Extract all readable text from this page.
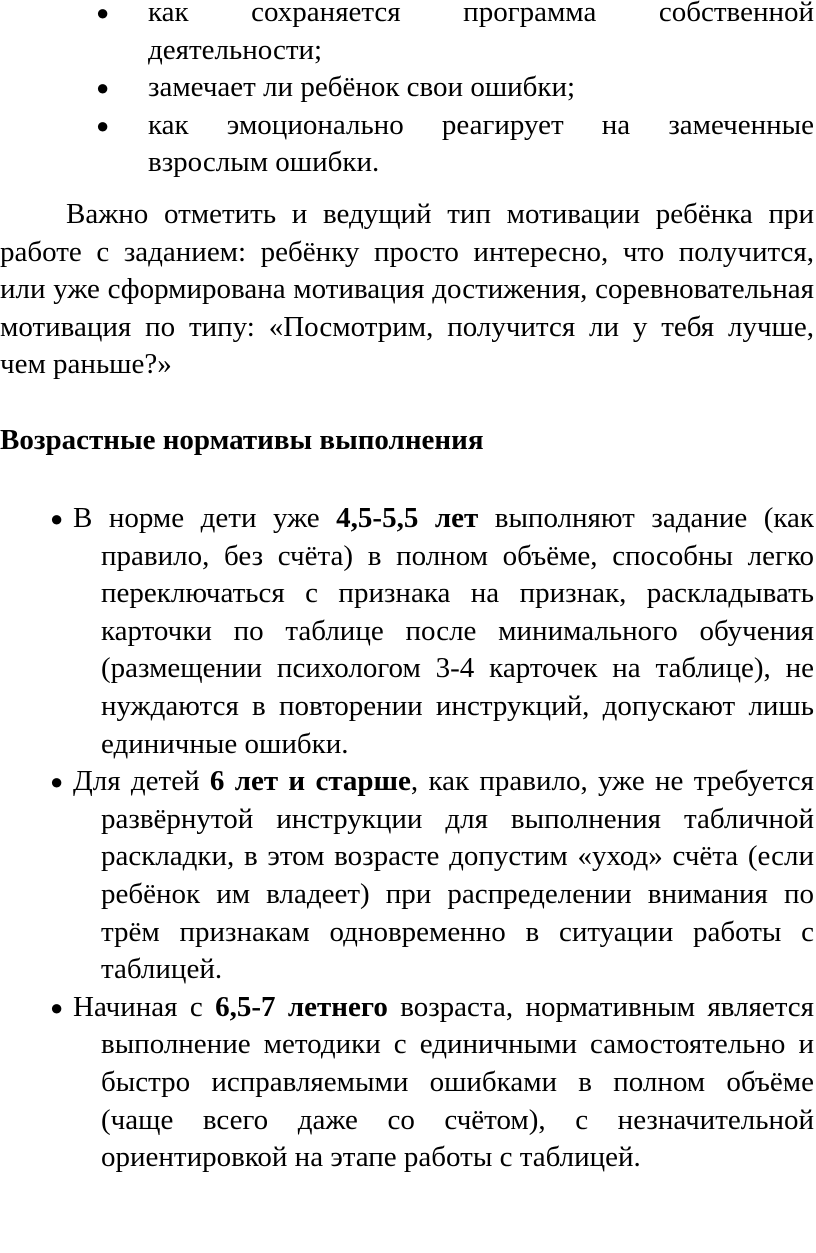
● как сохраняется программа собственной деятельности;
● замечает ли ребёнок свои ошибки;
● как эмоционально реагирует на замеченные взрослым ошибки.

Важно отметить и ведущий тип мотивации ребёнка при работе с заданием: ребёнку просто интересно, что получится, или уже сформирована мотивация достижения, соревновательная мотивация по типу: «Посмотрим, получится ли у тебя лучше, чем раньше?»

Возрастные нормативы выполнения
● В норме дети уже 4,5-5,5 лет выполняют задание (как правило, без счёта) в полном объёме, способны легко переключаться с признака на признак, раскладывать карточки по таблице после минимального обучения (размещении психологом 3-4 карточек на таблице), не нуждаются в повторении инструкций, допускают лишь единичные ошибки.
● Для детей 6 лет и старше, как правило, уже не требуется развёрнутой инструкции для выполнения табличной раскладки, в этом возрасте допустим «уход» счёта (если ребёнок им владеет) при распределении внимания по трём признакам одновременно в ситуации работы с таблицей.
● Начиная с 6,5-7 летнего возраста, нормативным является выполнение методики с единичными самостоятельно и быстро исправляемыми ошибками в полном объёме (чаще всего даже со счётом), с незначительной ориентировкой на этапе работы с таблицей.
